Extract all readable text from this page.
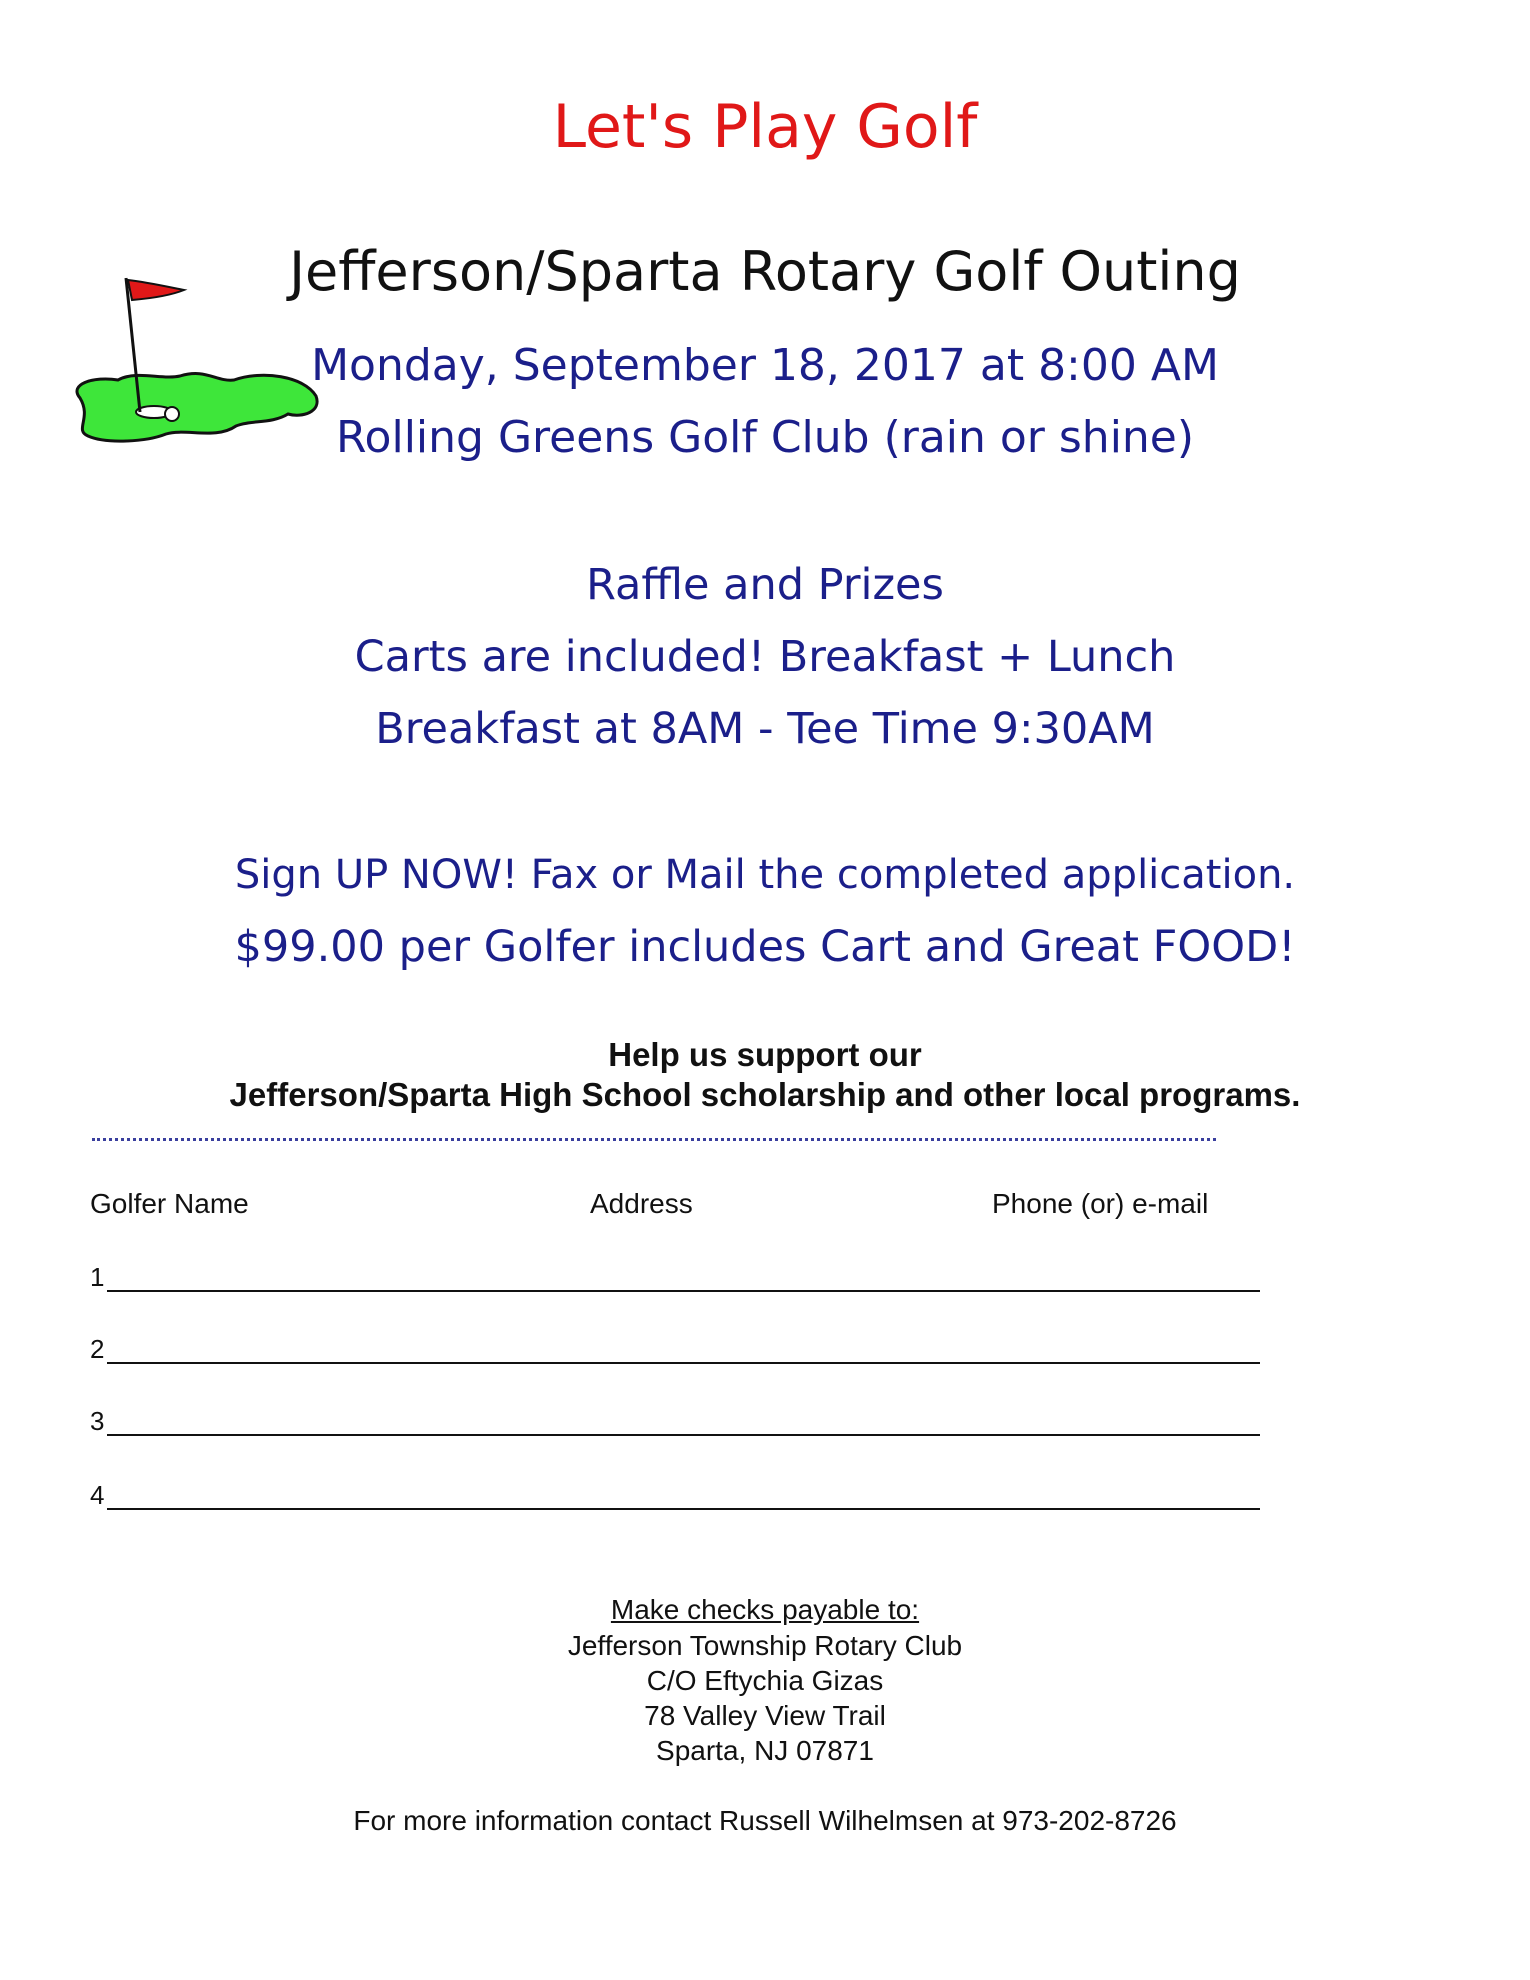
Let's Play Golf
Jefferson/Sparta Rotary Golf Outing
Monday, September 18, 2017 at 8:00 AM
Rolling Greens Golf Club (rain or shine)
Raffle and Prizes
Carts are included! Breakfast + Lunch
Breakfast at 8AM - Tee Time 9:30AM
Sign UP NOW! Fax or Mail the completed application.
$99.00 per Golfer includes Cart and Great FOOD!
Help us support our
Jefferson/Sparta High School scholarship and other local programs.
Golfer Name	Address	Phone (or) e-mail
1
2
3
4
Make checks payable to:
Jefferson Township Rotary Club
C/O Eftychia Gizas
78 Valley View Trail
Sparta, NJ 07871
For more information contact Russell Wilhelmsen at 973-202-8726
